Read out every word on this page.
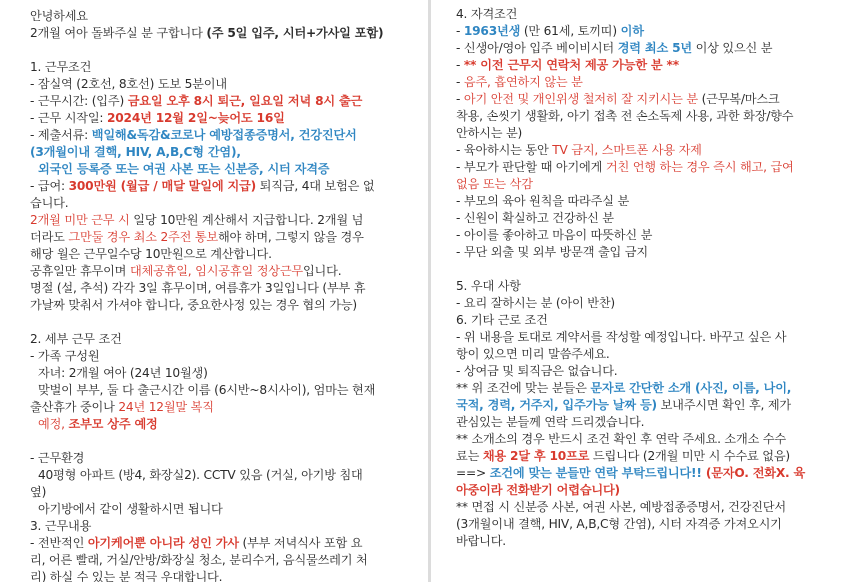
안녕하세요
2개월 여아 돌봐주실 분 구합니다 (주 5일 입주, 시터+가사일 포함)
1. 근무조건
- 잠실역 (2호선, 8호선) 도보 5분이내
- 근무시간: (입주) 금요일 오후 8시 퇴근, 일요일 저녁 8시 출근
- 근무 시작일: 2024년 12월 2일~늦어도 16일
- 제출서류: 백일해&독감&코로나 예방접종증명서, 건강진단서
(3개월이내 결핵, HIV, A,B,C형 간염),
외국인 등록증 또는 여권 사본 또는 신분증, 시터 자격증
- 급여: 300만원 (월급 / 매달 말일에 지급) 퇴직금, 4대 보험은 없
습니다.
2개월 미만 근무 시 일당 10만원 계산해서 지급합니다. 2개월 넘
더라도 그만둘 경우 최소 2주전 통보해야 하며, 그렇지 않을 경우
해당 월은 근무일수당 10만원으로 계산합니다.
공휴일만 휴무이며 대체공휴일, 임시공휴일 정상근무입니다.
명절 (설, 추석) 각각 3일 휴무이며, 여름휴가 3일입니다 (부부 휴
가날짜 맞춰서 가셔야 합니다, 중요한사정 있는 경우 협의 가능)
2. 세부 근무 조건
- 가족 구성원
자녀: 2개월 여아 (24년 10월생)
맞벌이 부부, 둘 다 출근시간 이름 (6시반~8시사이), 엄마는 현재
출산휴가 중이나 24년 12월말 복직
예정, 조부모 상주 예정
- 근무환경
40평형 아파트 (방4, 화장실2). CCTV 있음 (거실, 아기방 침대
옆)
아기방에서 같이 생활하시면 됩니다
3. 근무내용
- 전반적인 아기케어뿐 아니라 성인 가사 (부부 저녁식사 포함 요
리, 어른 빨래, 거실/안방/화장실 청소, 분리수거, 음식물쓰레기 처
리) 하실 수 있는 분 적극 우대합니다.
4. 자격조건
- 1963년생 (만 61세, 토끼띠) 이하
- 신생아/영아 입주 베이비시터 경력 최소 5년 이상 있으신 분
- ** 이전 근무지 연락처 제공 가능한 분 **
- 음주, 흡연하지 않는 분
- 아기 안전 및 개인위생 철저히 잘 지키시는 분 (근무복/마스크
착용, 손씻기 생활화, 아기 접촉 전 손소독제 사용, 과한 화장/향수
안하시는 분)
- 육아하시는 동안 TV 금지, 스마트폰 사용 자제
- 부모가 판단할 때 아기에게 거친 언행 하는 경우 즉시 해고, 급여
없음 또는 삭감
- 부모의 육아 원칙을 따라주실 분
- 신원이 확실하고 건강하신 분
- 아이를 좋아하고 마음이 따뜻하신 분
- 무단 외출 및 외부 방문객 출입 금지
5. 우대 사항
- 요리 잘하시는 분 (아이 반찬)
6. 기타 근로 조건
- 위 내용을 토대로 계약서를 작성할 예정입니다. 바꾸고 싶은 사
항이 있으면 미리 말씀주세요.
- 상여금 및 퇴직금은 없습니다.
** 위 조건에 맞는 분들은 문자로 간단한 소개 (사진, 이름, 나이,
국적, 경력, 거주지, 입주가능 날짜 등) 보내주시면 확인 후, 제가
관심있는 분들께 연락 드리겠습니다.
** 소개소의 경우 반드시 조건 확인 후 연락 주세요. 소개소 수수
료는 채용 2달 후 10프로 드립니다 (2개월 미만 시 수수료 없음)
==> 조건에 맞는 분들만 연락 부탁드립니다!! (문자O. 전화X. 육
아중이라 전화받기 어렵습니다)
** 면접 시 신분증 사본, 여권 사본, 예방접종증명서, 건강진단서
(3개월이내 결핵, HIV, A,B,C형 간염), 시터 자격증 가져오시기
바랍니다.
